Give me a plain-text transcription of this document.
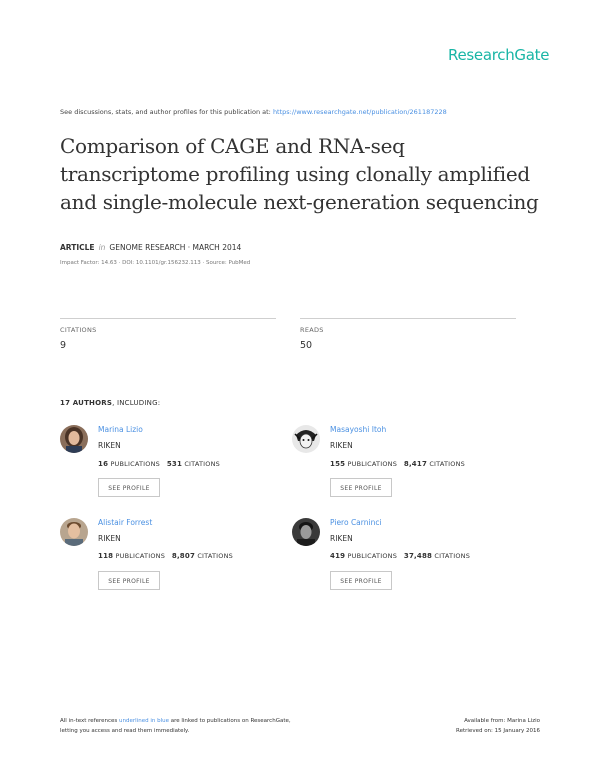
ResearchGate
See discussions, stats, and author profiles for this publication at: https://www.researchgate.net/publication/261187228
Comparison of CAGE and RNA-seq transcriptome profiling using clonally amplified and single-molecule next-generation sequencing
ARTICLE in GENOME RESEARCH · MARCH 2014
Impact Factor: 14.63 · DOI: 10.1101/gr.156232.113 · Source: PubMed
CITATIONS
9
READS
50
17 AUTHORS, INCLUDING:
Marina Lizio
RIKEN
16 PUBLICATIONS 531 CITATIONS
SEE PROFILE
Masayoshi Itoh
RIKEN
155 PUBLICATIONS 8,417 CITATIONS
SEE PROFILE
Alistair Forrest
RIKEN
118 PUBLICATIONS 8,807 CITATIONS
SEE PROFILE
Piero Carninci
RIKEN
419 PUBLICATIONS 37,488 CITATIONS
SEE PROFILE
All in-text references underlined in blue are linked to publications on ResearchGate,
letting you access and read them immediately.
Available from: Marina Lizio
Retrieved on: 15 January 2016
